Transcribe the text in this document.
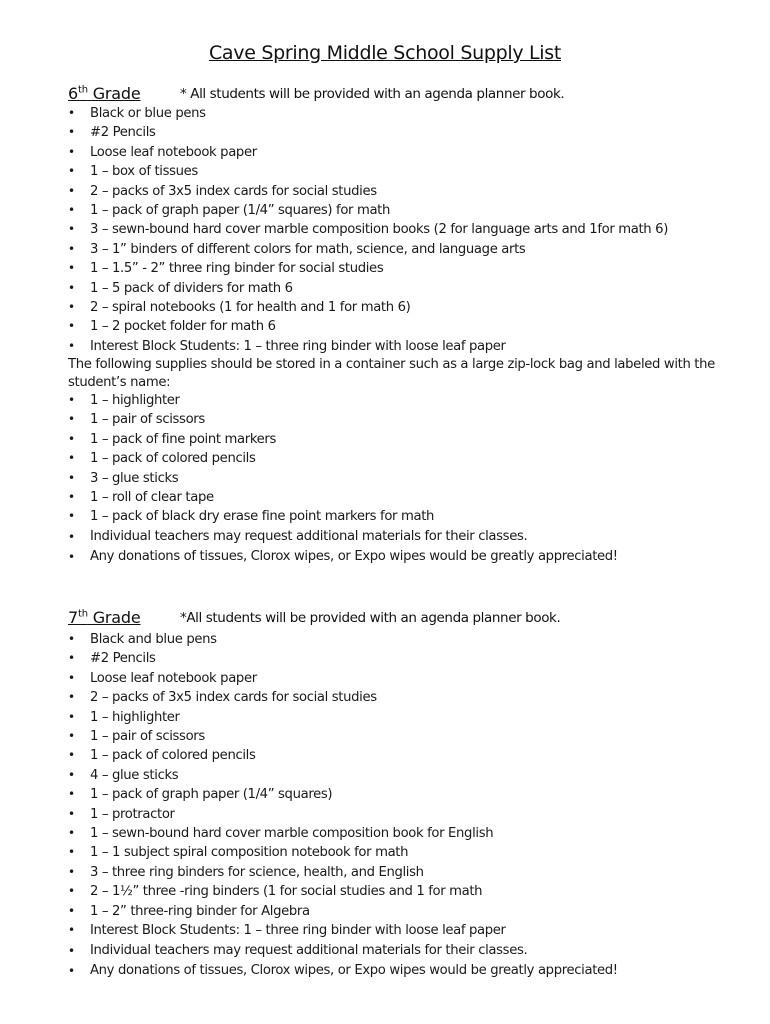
Cave Spring Middle School Supply List
6th Grade	* All students will be provided with an agenda planner book.
• Black or blue pens
• #2 Pencils
• Loose leaf notebook paper
• 1 – box of tissues
• 2 – packs of 3x5 index cards for social studies
• 1 – pack of graph paper (1/4” squares) for math
• 3 – sewn-bound hard cover marble composition books (2 for language arts and 1for math 6)
• 3 – 1” binders of different colors for math, science, and language arts
• 1 – 1.5” - 2” three ring binder for social studies
• 1 – 5 pack of dividers for math 6
• 2 – spiral notebooks (1 for health and 1 for math 6)
• 1 – 2 pocket folder for math 6
• Interest Block Students: 1 – three ring binder with loose leaf paper
The following supplies should be stored in a container such as a large zip-lock bag and labeled with the student’s name:
• 1 – highlighter
• 1 – pair of scissors
• 1 – pack of fine point markers
• 1 – pack of colored pencils
• 3 – glue sticks
• 1 – roll of clear tape
• 1 – pack of black dry erase fine point markers for math
• Individual teachers may request additional materials for their classes.
• Any donations of tissues, Clorox wipes, or Expo wipes would be greatly appreciated!
7th Grade	*All students will be provided with an agenda planner book.
• Black and blue pens
• #2 Pencils
• Loose leaf notebook paper
• 2 – packs of 3x5 index cards for social studies
• 1 – highlighter
• 1 – pair of scissors
• 1 – pack of colored pencils
• 4 – glue sticks
• 1 – pack of graph paper (1/4” squares)
• 1 – protractor
• 1 – sewn-bound hard cover marble composition book for English
• 1 – 1 subject spiral composition notebook for math
• 3 – three ring binders for science, health, and English
• 2 – 1½” three -ring binders (1 for social studies and 1 for math
• 1 – 2” three-ring binder for Algebra
• Interest Block Students: 1 – three ring binder with loose leaf paper
• Individual teachers may request additional materials for their classes.
• Any donations of tissues, Clorox wipes, or Expo wipes would be greatly appreciated!
